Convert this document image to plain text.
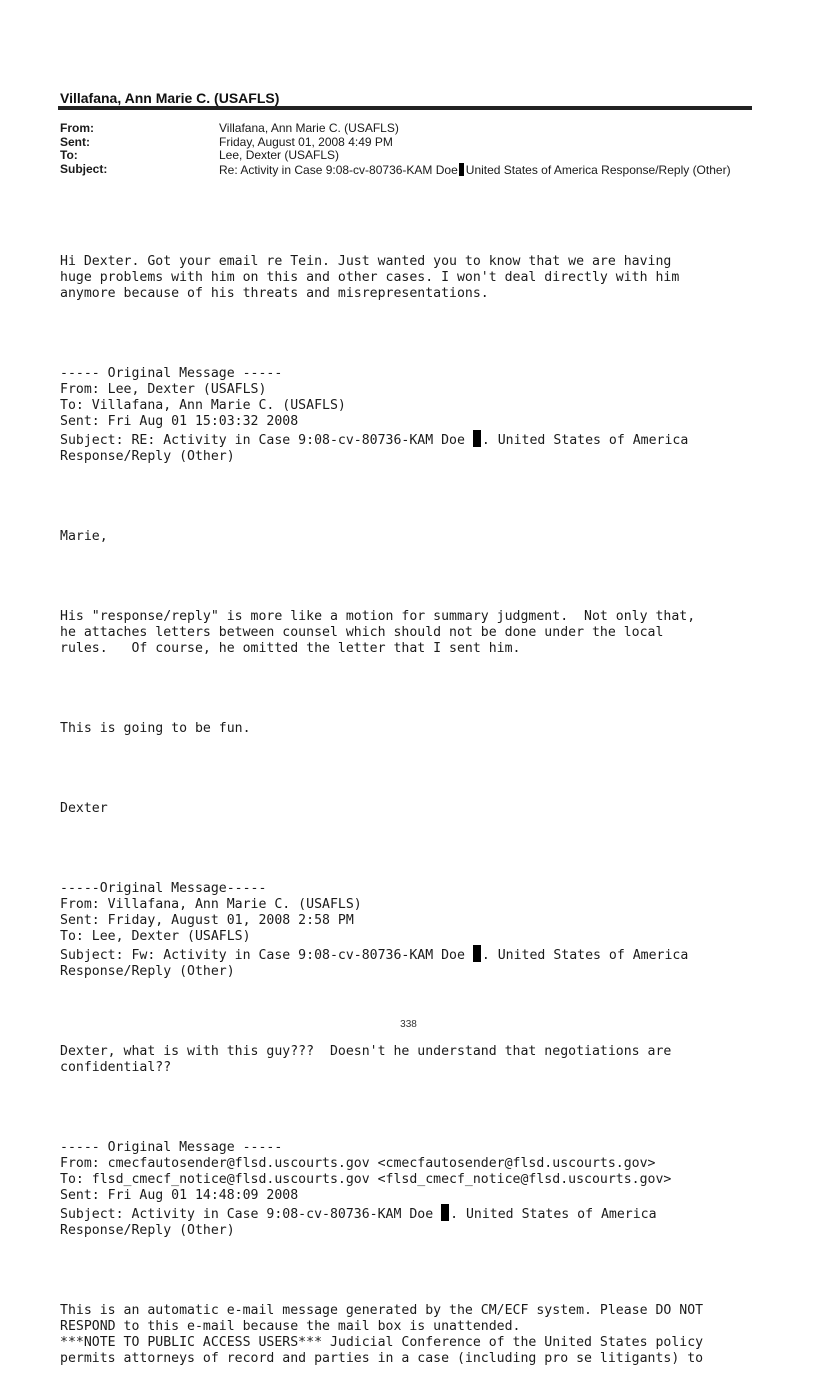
Villafana, Ann Marie C. (USAFLS)
From:	Villafana, Ann Marie C. (USAFLS)
Sent:	Friday, August 01, 2008 4:49 PM
To:	Lee, Dexter (USAFLS)
Subject:	Re: Activity in Case 9:08-cv-80736-KAM Doe United States of America Response/Reply (Other)

Hi Dexter. Got your email re Tein. Just wanted you to know that we are having
huge problems with him on this and other cases. I won't deal directly with him
anymore because of his threats and misrepresentations.

----- Original Message -----
From: Lee, Dexter (USAFLS)
To: Villafana, Ann Marie C. (USAFLS)
Sent: Fri Aug 01 15:03:32 2008
Subject: RE: Activity in Case 9:08-cv-80736-KAM Doe . United States of America
Response/Reply (Other)

Marie,

His "response/reply" is more like a motion for summary judgment.  Not only that,
he attaches letters between counsel which should not be done under the local
rules.   Of course, he omitted the letter that I sent him.

This is going to be fun.

Dexter

-----Original Message-----
From: Villafana, Ann Marie C. (USAFLS)
Sent: Friday, August 01, 2008 2:58 PM
To: Lee, Dexter (USAFLS)
Subject: Fw: Activity in Case 9:08-cv-80736-KAM Doe . United States of America
Response/Reply (Other)

Dexter, what is with this guy???  Doesn't he understand that negotiations are
confidential??

----- Original Message -----
From: cmecfautosender@flsd.uscourts.gov <cmecfautosender@flsd.uscourts.gov>
To: flsd_cmecf_notice@flsd.uscourts.gov <flsd_cmecf_notice@flsd.uscourts.gov>
Sent: Fri Aug 01 14:48:09 2008
Subject: Activity in Case 9:08-cv-80736-KAM Doe . United States of America
Response/Reply (Other)

This is an automatic e-mail message generated by the CM/ECF system. Please DO NOT
RESPOND to this e-mail because the mail box is unattended.
***NOTE TO PUBLIC ACCESS USERS*** Judicial Conference of the United States policy
permits attorneys of record and parties in a case (including pro se litigants) to

338
